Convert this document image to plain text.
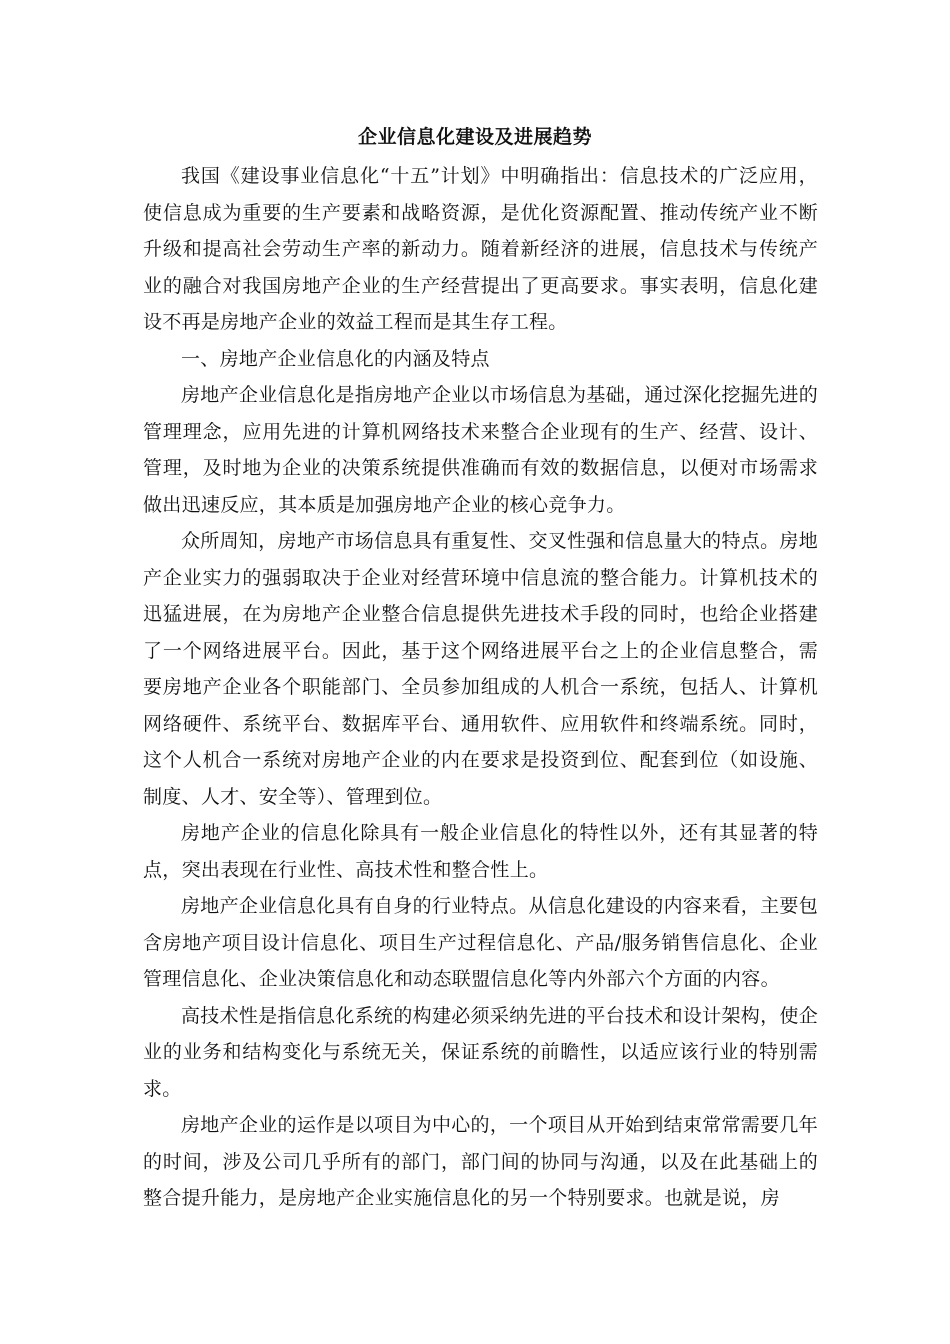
企业信息化建设及进展趋势

我国《建设事业信息化“十五”计划》中明确指出：信息技术的广泛应用，使信息成为重要的生产要素和战略资源，是优化资源配置、推动传统产业不断升级和提高社会劳动生产率的新动力。随着新经济的进展，信息技术与传统产业的融合对我国房地产企业的生产经营提出了更高要求。事实表明，信息化建设不再是房地产企业的效益工程而是其生存工程。

一、房地产企业信息化的内涵及特点

房地产企业信息化是指房地产企业以市场信息为基础，通过深化挖掘先进的管理理念，应用先进的计算机网络技术来整合企业现有的生产、经营、设计、管理，及时地为企业的决策系统提供准确而有效的数据信息，以便对市场需求做出迅速反应，其本质是加强房地产企业的核心竞争力。

众所周知，房地产市场信息具有重复性、交叉性强和信息量大的特点。房地产企业实力的强弱取决于企业对经营环境中信息流的整合能力。计算机技术的迅猛进展，在为房地产企业整合信息提供先进技术手段的同时，也给企业搭建了一个网络进展平台。因此，基于这个网络进展平台之上的企业信息整合，需要房地产企业各个职能部门、全员参加组成的人机合一系统，包括人、计算机网络硬件、系统平台、数据库平台、通用软件、应用软件和终端系统。同时，这个人机合一系统对房地产企业的内在要求是投资到位、配套到位（如设施、制度、人才、安全等）、管理到位。

房地产企业的信息化除具有一般企业信息化的特性以外，还有其显著的特点，突出表现在行业性、高技术性和整合性上。

房地产企业信息化具有自身的行业特点。从信息化建设的内容来看，主要包含房地产项目设计信息化、项目生产过程信息化、产品/服务销售信息化、企业管理信息化、企业决策信息化和动态联盟信息化等内外部六个方面的内容。

高技术性是指信息化系统的构建必须采纳先进的平台技术和设计架构，使企业的业务和结构变化与系统无关，保证系统的前瞻性，以适应该行业的特别需求。

房地产企业的运作是以项目为中心的，一个项目从开始到结束常常需要几年的时间，涉及公司几乎所有的部门，部门间的协同与沟通，以及在此基础上的整合提升能力，是房地产企业实施信息化的另一个特别要求。也就是说，房
